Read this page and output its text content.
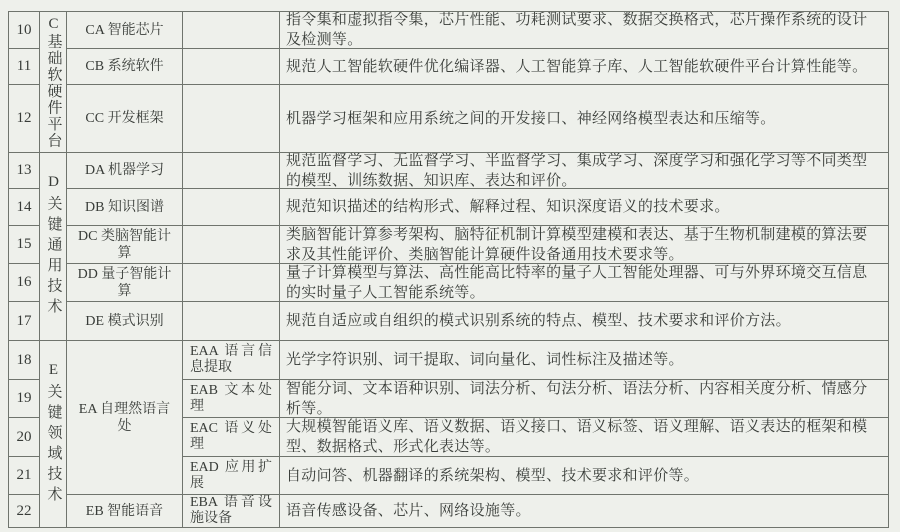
10
11
12
13
14
15
16
17
18
19
20
21
22
C基础软硬件平台
D关键通用技术
E关键领域技术
CA 智能芯片
CB 系统软件
CC 开发框架
DA 机器学习
DB 知识图谱
DC 类脑智能计算
DD 量子智能计算
DE 模式识别
EA 自理然语言处
EB 智能语音
EAA 语言信息提取
EAB 文本处理
EAC 语义处理
EAD 应用扩展
EBA 语音设施设备
指令集和虚拟指令集，芯片性能、功耗测试要求、数据交换格式，芯片操作系统的设计及检测等。
规范人工智能软硬件优化编译器、人工智能算子库、人工智能软硬件平台计算性能等。
机器学习框架和应用系统之间的开发接口、神经网络模型表达和压缩等。
规范监督学习、无监督学习、半监督学习、集成学习、深度学习和强化学习等不同类型的模型、训练数据、知识库、表达和评价。
规范知识描述的结构形式、解释过程、知识深度语义的技术要求。
类脑智能计算参考架构、脑特征机制计算模型建模和表达、基于生物机制建模的算法要求及其性能评价、类脑智能计算硬件设备通用技术要求等。
量子计算模型与算法、高性能高比特率的量子人工智能处理器、可与外界环境交互信息的实时量子人工智能系统等。
规范自适应或自组织的模式识别系统的特点、模型、技术要求和评价方法。
光学字符识别、词干提取、词向量化、词性标注及描述等。
智能分词、文本语种识别、词法分析、句法分析、语法分析、内容相关度分析、情感分析等。
大规模智能语义库、语义数据、语义接口、语义标签、语义理解、语义表达的框架和模型、数据格式、形式化表达等。
自动问答、机器翻译的系统架构、模型、技术要求和评价等。
语音传感设备、芯片、网络设施等。
